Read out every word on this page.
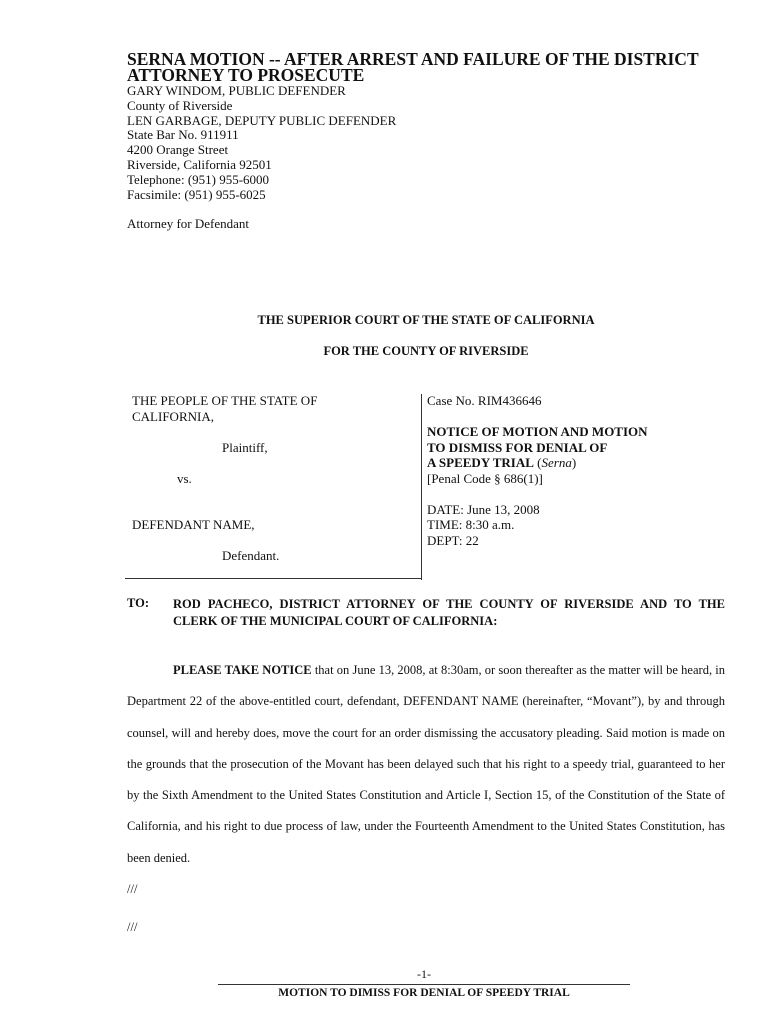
SERNA MOTION -- AFTER ARREST AND FAILURE OF THE DISTRICT ATTORNEY TO PROSECUTE
GARY WINDOM, PUBLIC DEFENDER
County of Riverside
LEN GARBAGE, DEPUTY PUBLIC DEFENDER
State Bar No. 911911
4200 Orange Street
Riverside, California 92501
Telephone: (951) 955-6000
Facsimile: (951) 955-6025
Attorney for Defendant
THE SUPERIOR COURT OF THE STATE OF CALIFORNIA
FOR THE COUNTY OF RIVERSIDE
THE PEOPLE OF THE STATE OF
CALIFORNIA,
Plaintiff,
vs.
DEFENDANT NAME,
Defendant.
Case No. RIM436646
NOTICE OF MOTION AND MOTION
TO DISMISS FOR DENIAL OF
A SPEEDY TRIAL (Serna)
[Penal Code § 686(1)]
DATE: June 13, 2008
TIME: 8:30 a.m.
DEPT: 22
TO: ROD PACHECO, DISTRICT ATTORNEY OF THE COUNTY OF RIVERSIDE AND TO THE CLERK OF THE MUNICIPAL COURT OF CALIFORNIA:
PLEASE TAKE NOTICE that on June 13, 2008, at 8:30am, or soon thereafter as the matter will be heard, in Department 22 of the above-entitled court, defendant, DEFENDANT NAME (hereinafter, “Movant”), by and through counsel, will and hereby does, move the court for an order dismissing the accusatory pleading. Said motion is made on the grounds that the prosecution of the Movant has been delayed such that his right to a speedy trial, guaranteed to her by the Sixth Amendment to the United States Constitution and Article I, Section 15, of the Constitution of the State of California, and his right to due process of law, under the Fourteenth Amendment to the United States Constitution, has been denied.
///
///
-1-
MOTION TO DIMISS FOR DENIAL OF SPEEDY TRIAL
